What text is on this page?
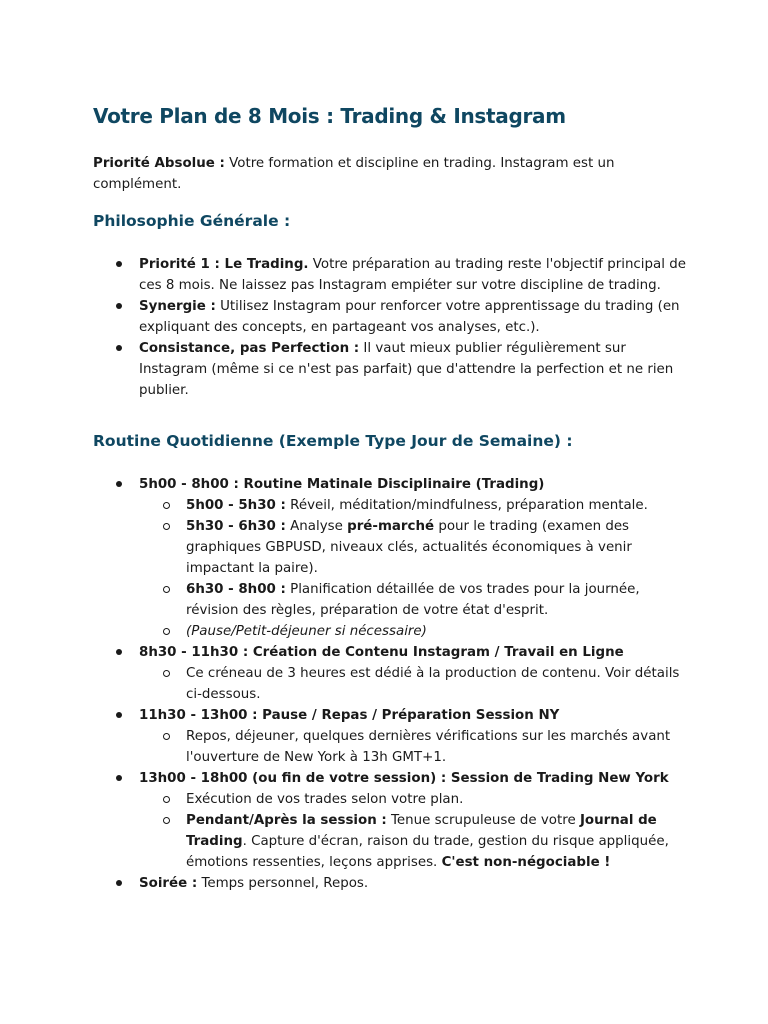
Votre Plan de 8 Mois : Trading & Instagram

Priorité Absolue : Votre formation et discipline en trading. Instagram est un complément.

Philosophie Générale :
Priorité 1 : Le Trading. Votre préparation au trading reste l'objectif principal de ces 8 mois. Ne laissez pas Instagram empiéter sur votre discipline de trading.
Synergie : Utilisez Instagram pour renforcer votre apprentissage du trading (en expliquant des concepts, en partageant vos analyses, etc.).
Consistance, pas Perfection : Il vaut mieux publier régulièrement sur Instagram (même si ce n'est pas parfait) que d'attendre la perfection et ne rien publier.
Routine Quotidienne (Exemple Type Jour de Semaine) :
5h00 - 8h00 : Routine Matinale Disciplinaire (Trading)
5h00 - 5h30 : Réveil, méditation/mindfulness, préparation mentale.
5h30 - 6h30 : Analyse pré-marché pour le trading (examen des graphiques GBPUSD, niveaux clés, actualités économiques à venir impactant la paire).
6h30 - 8h00 : Planification détaillée de vos trades pour la journée, révision des règles, préparation de votre état d'esprit.
(Pause/Petit-déjeuner si nécessaire)
8h30 - 11h30 : Création de Contenu Instagram / Travail en Ligne
Ce créneau de 3 heures est dédié à la production de contenu. Voir détails ci-dessous.
11h30 - 13h00 : Pause / Repas / Préparation Session NY
Repos, déjeuner, quelques dernières vérifications sur les marchés avant l'ouverture de New York à 13h GMT+1.
13h00 - 18h00 (ou fin de votre session) : Session de Trading New York
Exécution de vos trades selon votre plan.
Pendant/Après la session : Tenue scrupuleuse de votre Journal de Trading. Capture d'écran, raison du trade, gestion du risque appliquée, émotions ressenties, leçons apprises. C'est non-négociable !
Soirée : Temps personnel, Repos.
